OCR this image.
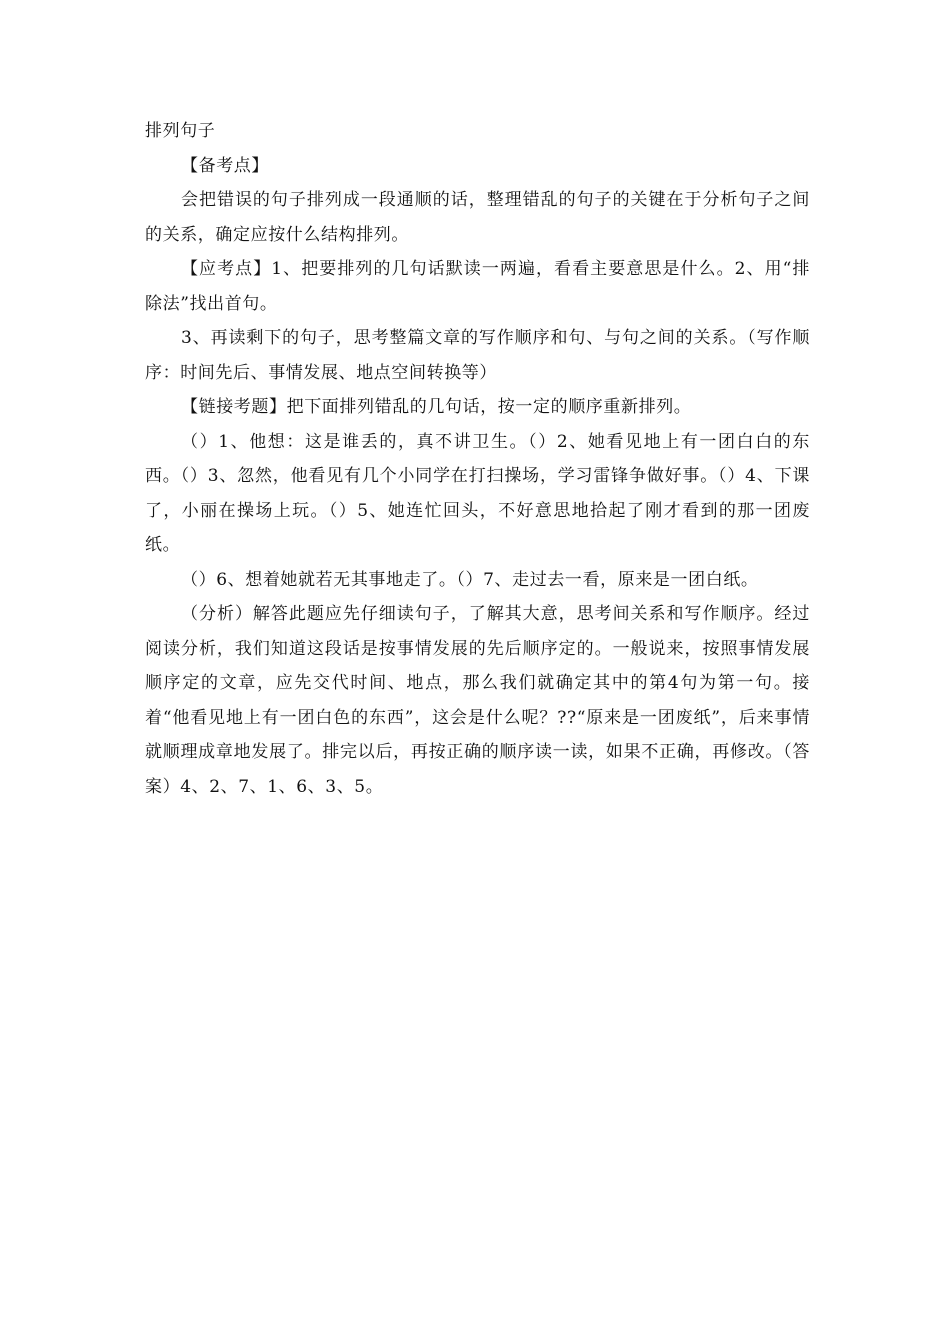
排列句子

【备考点】

会把错误的句子排列成一段通顺的话，整理错乱的句子的关键在于分析句子之间的关系，确定应按什么结构排列。

【应考点】1、把要排列的几句话默读一两遍，看看主要意思是什么。2、用“排除法”找出首句。

3、再读剩下的句子，思考整篇文章的写作顺序和句、与句之间的关系。（写作顺序：时间先后、事情发展、地点空间转换等）

【链接考题】把下面排列错乱的几句话，按一定的顺序重新排列。

（）1、他想：这是谁丢的，真不讲卫生。（）2、她看见地上有一团白白的东西。（）3、忽然，他看见有几个小同学在打扫操场，学习雷锋争做好事。（）4、下课了，小丽在操场上玩。（）5、她连忙回头，不好意思地拾起了刚才看到的那一团废纸。

（）6、想着她就若无其事地走了。（）7、走过去一看，原来是一团白纸。

（分析）解答此题应先仔细读句子，了解其大意，思考间关系和写作顺序。经过阅读分析，我们知道这段话是按事情发展的先后顺序定的。一般说来，按照事情发展顺序定的文章，应先交代时间、地点，那么我们就确定其中的第4句为第一句。接着“他看见地上有一团白色的东西”，这会是什么呢？??“原来是一团废纸”，后来事情就顺理成章地发展了。排完以后，再按正确的顺序读一读，如果不正确，再修改。（答案）4、2、7、1、6、3、5。
